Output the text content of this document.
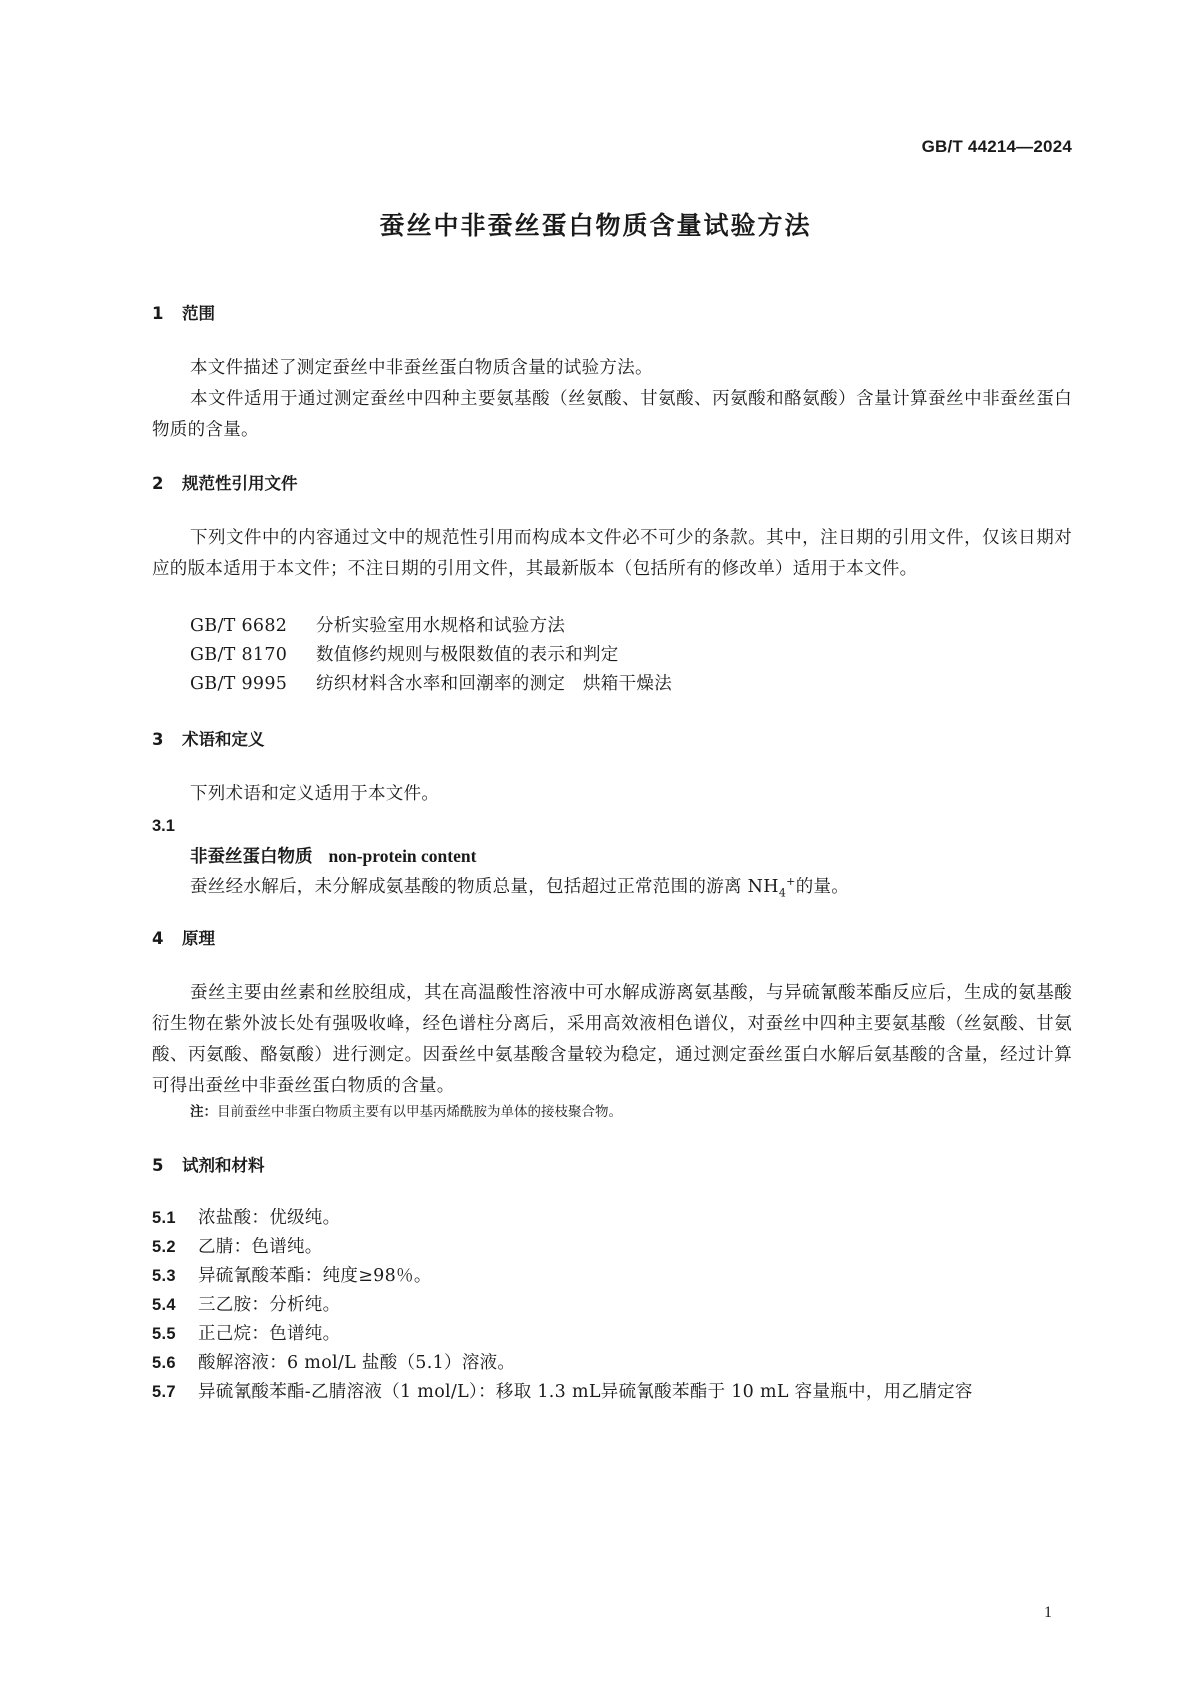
GB/T 44214—2024
蚕丝中非蚕丝蛋白物质含量试验方法
1 范围
本文件描述了测定蚕丝中非蚕丝蛋白物质含量的试验方法。
本文件适用于通过测定蚕丝中四种主要氨基酸（丝氨酸、甘氨酸、丙氨酸和酪氨酸）含量计算蚕丝中非蚕丝蛋白物质的含量。
2 规范性引用文件
下列文件中的内容通过文中的规范性引用而构成本文件必不可少的条款。其中，注日期的引用文件，仅该日期对应的版本适用于本文件；不注日期的引用文件，其最新版本（包括所有的修改单）适用于本文件。
GB/T 6682 分析实验室用水规格和试验方法
GB/T 8170 数值修约规则与极限数值的表示和判定
GB/T 9995 纺织材料含水率和回潮率的测定　烘箱干燥法
3 术语和定义
下列术语和定义适用于本文件。
3.1
非蚕丝蛋白物质 non-protein content
蚕丝经水解后，未分解成氨基酸的物质总量，包括超过正常范围的游离 $NH_4^+$的量。
4 原理
蚕丝主要由丝素和丝胶组成，其在高温酸性溶液中可水解成游离氨基酸，与异硫氰酸苯酯反应后，生成的氨基酸衍生物在紫外波长处有强吸收峰，经色谱柱分离后，采用高效液相色谱仪，对蚕丝中四种主要氨基酸（丝氨酸、甘氨酸、丙氨酸、酪氨酸）进行测定。因蚕丝中氨基酸含量较为稳定，通过测定蚕丝蛋白水解后氨基酸的含量，经过计算可得出蚕丝中非蚕丝蛋白物质的含量。
注：目前蚕丝中非蛋白物质主要有以甲基丙烯酰胺为单体的接枝聚合物。
5 试剂和材料
5.1 浓盐酸：优级纯。
5.2 乙腈：色谱纯。
5.3 异硫氰酸苯酯：纯度≥98％。
5.4 三乙胺：分析纯。
5.5 正己烷：色谱纯。
5.6 酸解溶液：6 mol/L 盐酸（5.1）溶液。
5.7 异硫氰酸苯酯-乙腈溶液（1 mol/L）：移取 1.3 mL异硫氰酸苯酯于 10 mL 容量瓶中，用乙腈定容
1
